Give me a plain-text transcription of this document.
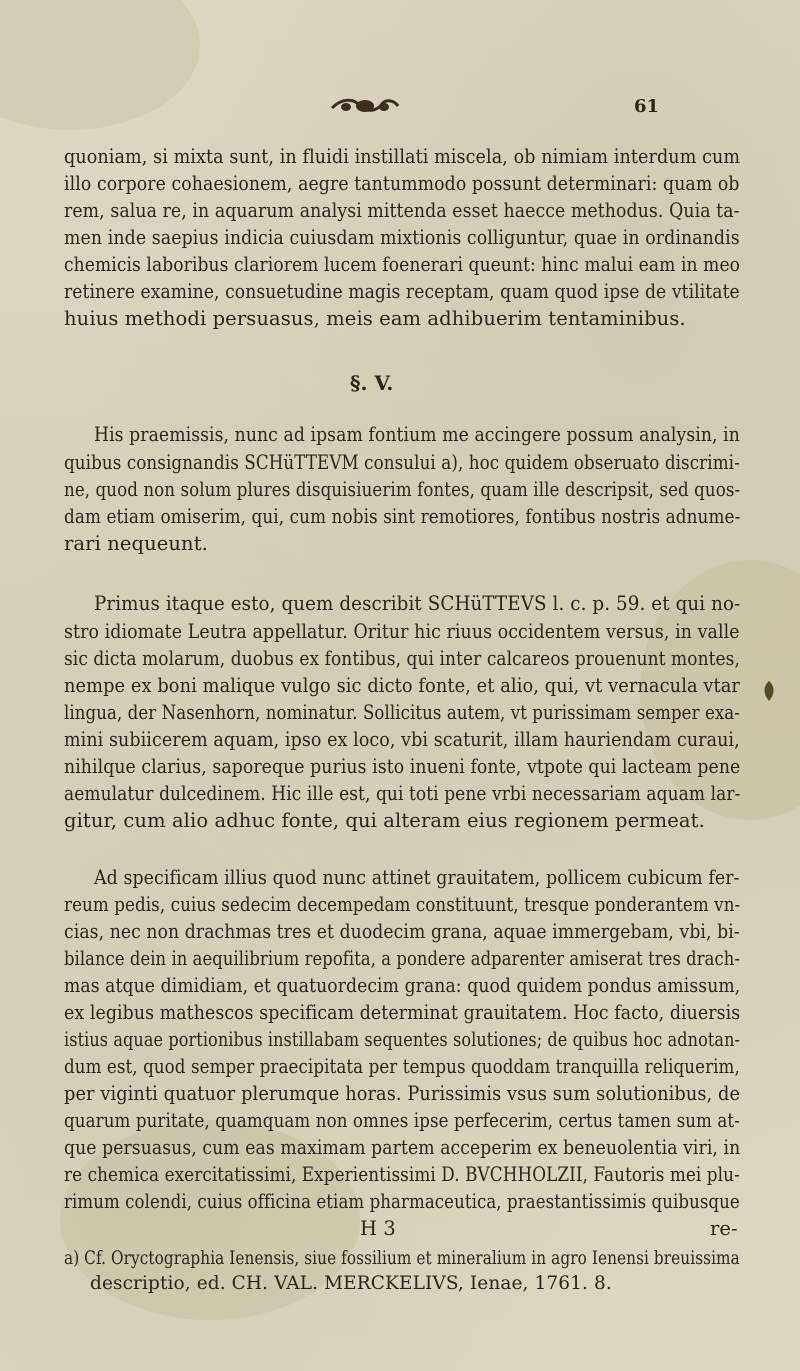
61
quoniam, si mixta sunt, in fluidi instillati miscela, ob nimiam interdum cum
illo corpore cohaesionem, aegre tantummodo possunt determinari: quam ob
rem, salua re, in aquarum analysi mittenda esset haecce methodus. Quia ta-
men inde saepius indicia cuiusdam mixtionis colliguntur, quae in ordinandis
chemicis laboribus clariorem lucem foenerari queunt: hinc malui eam in meo
retinere examine, consuetudine magis receptam, quam quod ipse de vtilitate
huius methodi persuasus, meis eam adhibuerim tentaminibus.
§. V.
His praemissis, nunc ad ipsam fontium me accingere possum analysin, in
quibus consignandis SCHüTTEVM consului a), hoc quidem obseruato discrimi-
ne, quod non solum plures disquisiuerim fontes, quam ille descripsit, sed quos-
dam etiam omiserim, qui, cum nobis sint remotiores, fontibus nostris adnume-
rari nequeunt.
Primus itaque esto, quem describit SCHüTTEVS l. c. p. 59. et qui no-
stro idiomate Leutra appellatur. Oritur hic riuus occidentem versus, in valle
sic dicta molarum, duobus ex fontibus, qui inter calcareos prouenunt montes,
nempe ex boni malique vulgo sic dicto fonte, et alio, qui, vt vernacula vtar
lingua, der Nasenhorn, nominatur. Sollicitus autem, vt purissimam semper exa-
mini subiicerem aquam, ipso ex loco, vbi scaturit, illam hauriendam curaui,
nihilque clarius, saporeque purius isto inueni fonte, vtpote qui lacteam pene
aemulatur dulcedinem. Hic ille est, qui toti pene vrbi necessariam aquam lar-
gitur, cum alio adhuc fonte, qui alteram eius regionem permeat.
Ad specificam illius quod nunc attinet grauitatem, pollicem cubicum fer-
reum pedis, cuius sedecim decempedam constituunt, tresque ponderantem vn-
cias, nec non drachmas tres et duodecim grana, aquae immergebam, vbi, bi-
bilance dein in aequilibrium repofita, a pondere adparenter amiserat tres drach-
mas atque dimidiam, et quatuordecim grana: quod quidem pondus amissum,
ex legibus mathescos specificam determinat grauitatem. Hoc facto, diuersis
istius aquae portionibus instillabam sequentes solutiones; de quibus hoc adnotan-
dum est, quod semper praecipitata per tempus quoddam tranquilla reliquerim,
per viginti quatuor plerumque horas. Purissimis vsus sum solutionibus, de
quarum puritate, quamquam non omnes ipse perfecerim, certus tamen sum at-
que persuasus, cum eas maximam partem acceperim ex beneuolentia viri, in
re chemica exercitatissimi, Experientissimi D. BVCHHOLZII, Fautoris mei plu-
rimum colendi, cuius officina etiam pharmaceutica, praestantissimis quibusque
H 3	re-
a) Cf. Oryctographia Ienensis, siue fossilium et mineralium in agro Ienensi breuissima
descriptio, ed. CH. VAL. MERCKELIVS, Ienae, 1761. 8.
